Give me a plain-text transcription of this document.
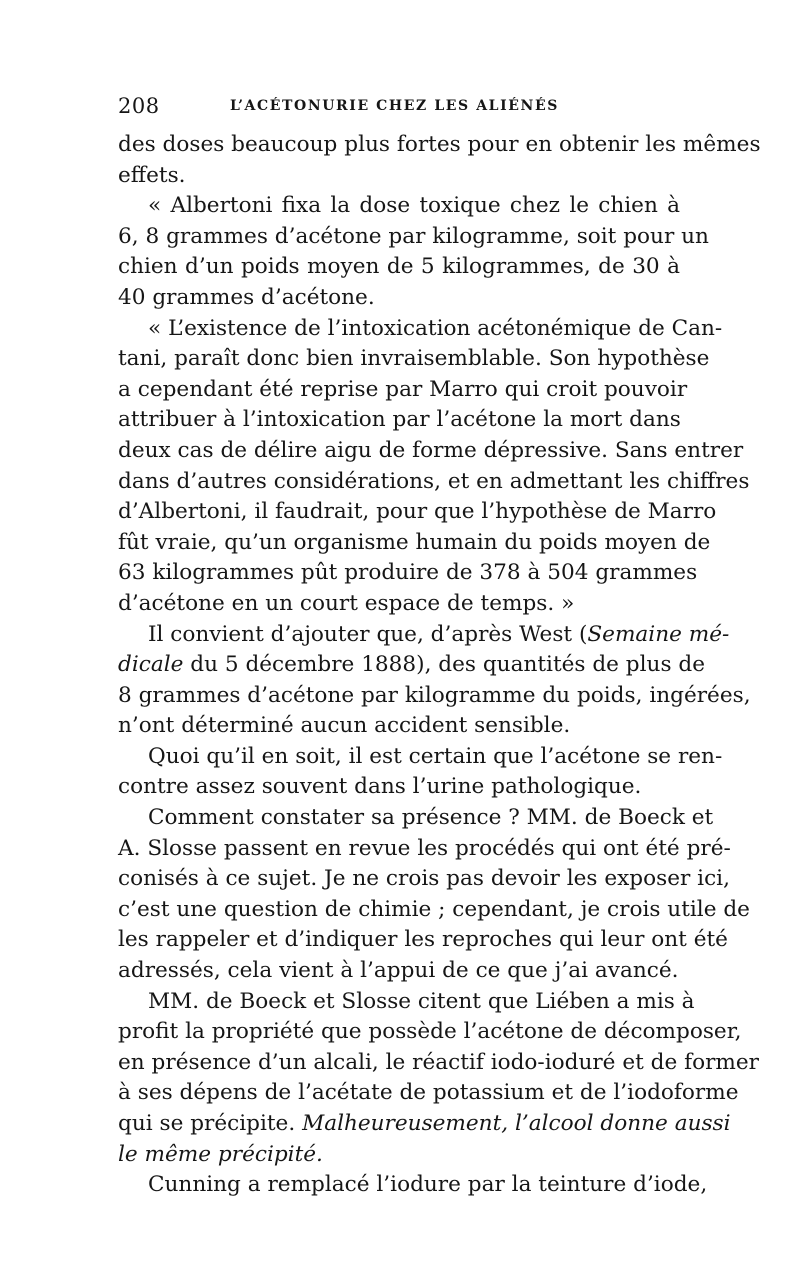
208	L’ACÉTONURIE CHEZ LES ALIÉNÉS
des doses beaucoup plus fortes pour en obtenir les mêmes
effets.
« Albertoni fixa la dose toxique chez le chien à
6, 8 grammes d’acétone par kilogramme, soit pour un
chien d’un poids moyen de 5 kilogrammes, de 30 à
40 grammes d’acétone.
« L’existence de l’intoxication acétonémique de Can-
tani, paraît donc bien invraisemblable. Son hypothèse
a cependant été reprise par Marro qui croit pouvoir
attribuer à l’intoxication par l’acétone la mort dans
deux cas de délire aigu de forme dépressive. Sans entrer
dans d’autres considérations, et en admettant les chiffres
d’Albertoni, il faudrait, pour que l’hypothèse de Marro
fût vraie, qu’un organisme humain du poids moyen de
63 kilogrammes pût produire de 378 à 504 grammes
d’acétone en un court espace de temps. »
Il convient d’ajouter que, d’après West (Semaine mé-
dicale du 5 décembre 1888), des quantités de plus de
8 grammes d’acétone par kilogramme du poids, ingérées,
n’ont déterminé aucun accident sensible.
Quoi qu’il en soit, il est certain que l’acétone se ren-
contre assez souvent dans l’urine pathologique.
Comment constater sa présence ? MM. de Boeck et
A. Slosse passent en revue les procédés qui ont été pré-
conisés à ce sujet. Je ne crois pas devoir les exposer ici,
c’est une question de chimie ; cependant, je crois utile de
les rappeler et d’indiquer les reproches qui leur ont été
adressés, cela vient à l’appui de ce que j’ai avancé.
MM. de Boeck et Slosse citent que Liében a mis à
profit la propriété que possède l’acétone de décomposer,
en présence d’un alcali, le réactif iodo-ioduré et de former
à ses dépens de l’acétate de potassium et de l’iodoforme
qui se précipite. Malheureusement, l’alcool donne aussi
le même précipité.
Cunning a remplacé l’iodure par la teinture d’iode,
